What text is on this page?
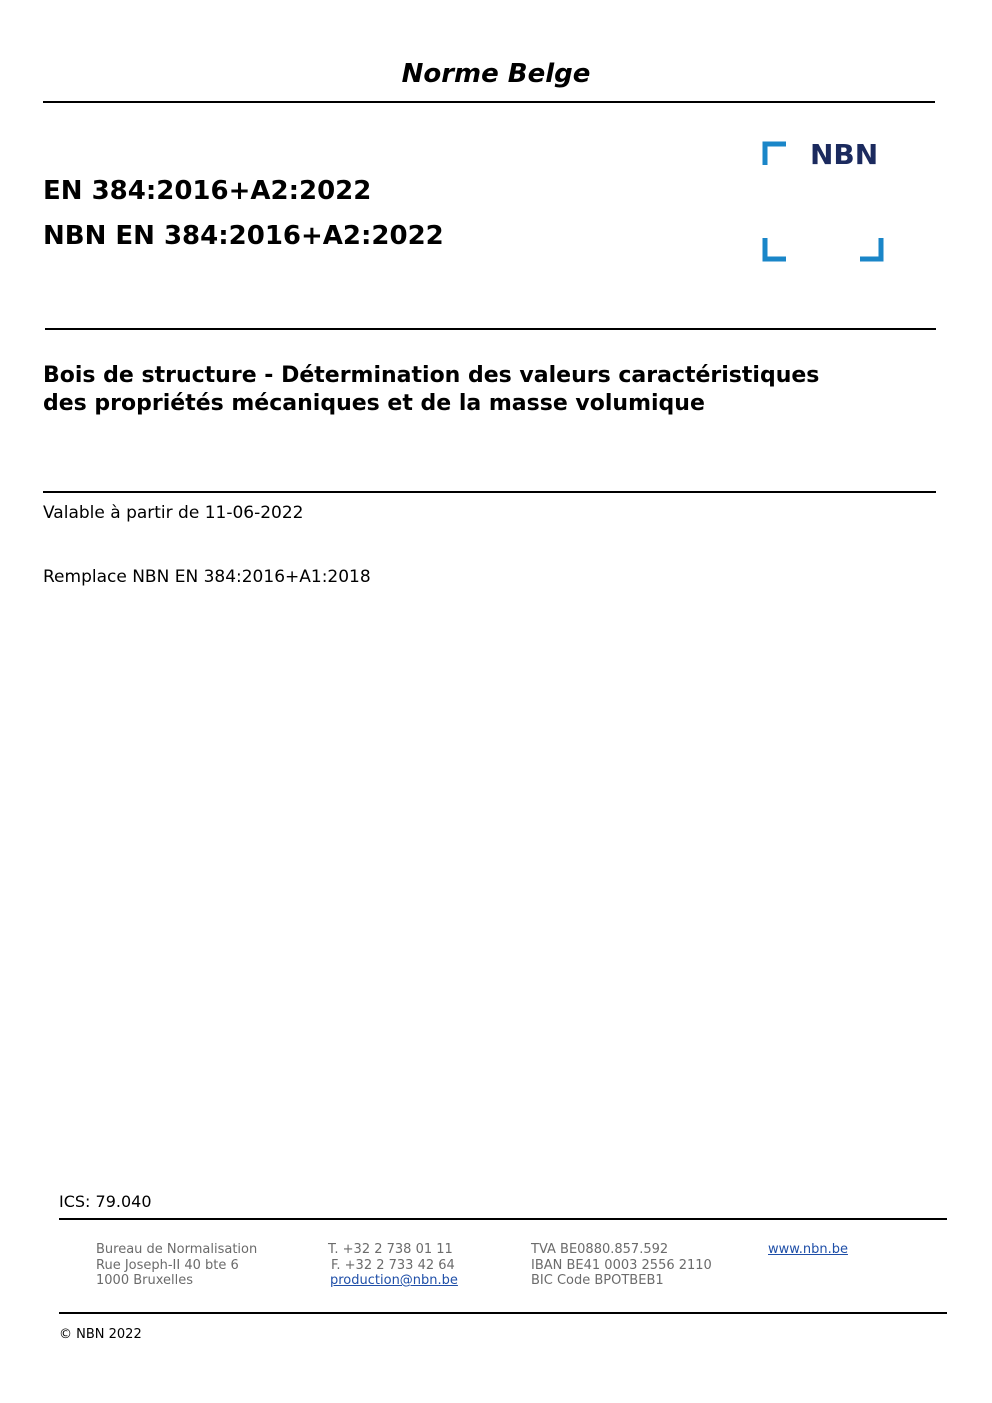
Norme Belge
EN 384:2016+A2:2022
NBN EN 384:2016+A2:2022
NBN
Bois de structure - Détermination des valeurs caractéristiques
des propriétés mécaniques et de la masse volumique
Valable à partir de 11-06-2022
Remplace NBN EN 384:2016+A1:2018
ICS: 79.040
Bureau de Normalisation
Rue Joseph-II 40 bte 6
1000 Bruxelles
T. +32 2 738 01 11
F. +32 2 733 42 64
production@nbn.be
TVA BE0880.857.592
IBAN BE41 0003 2556 2110
BIC Code BPOTBEB1
www.nbn.be
© NBN 2022
